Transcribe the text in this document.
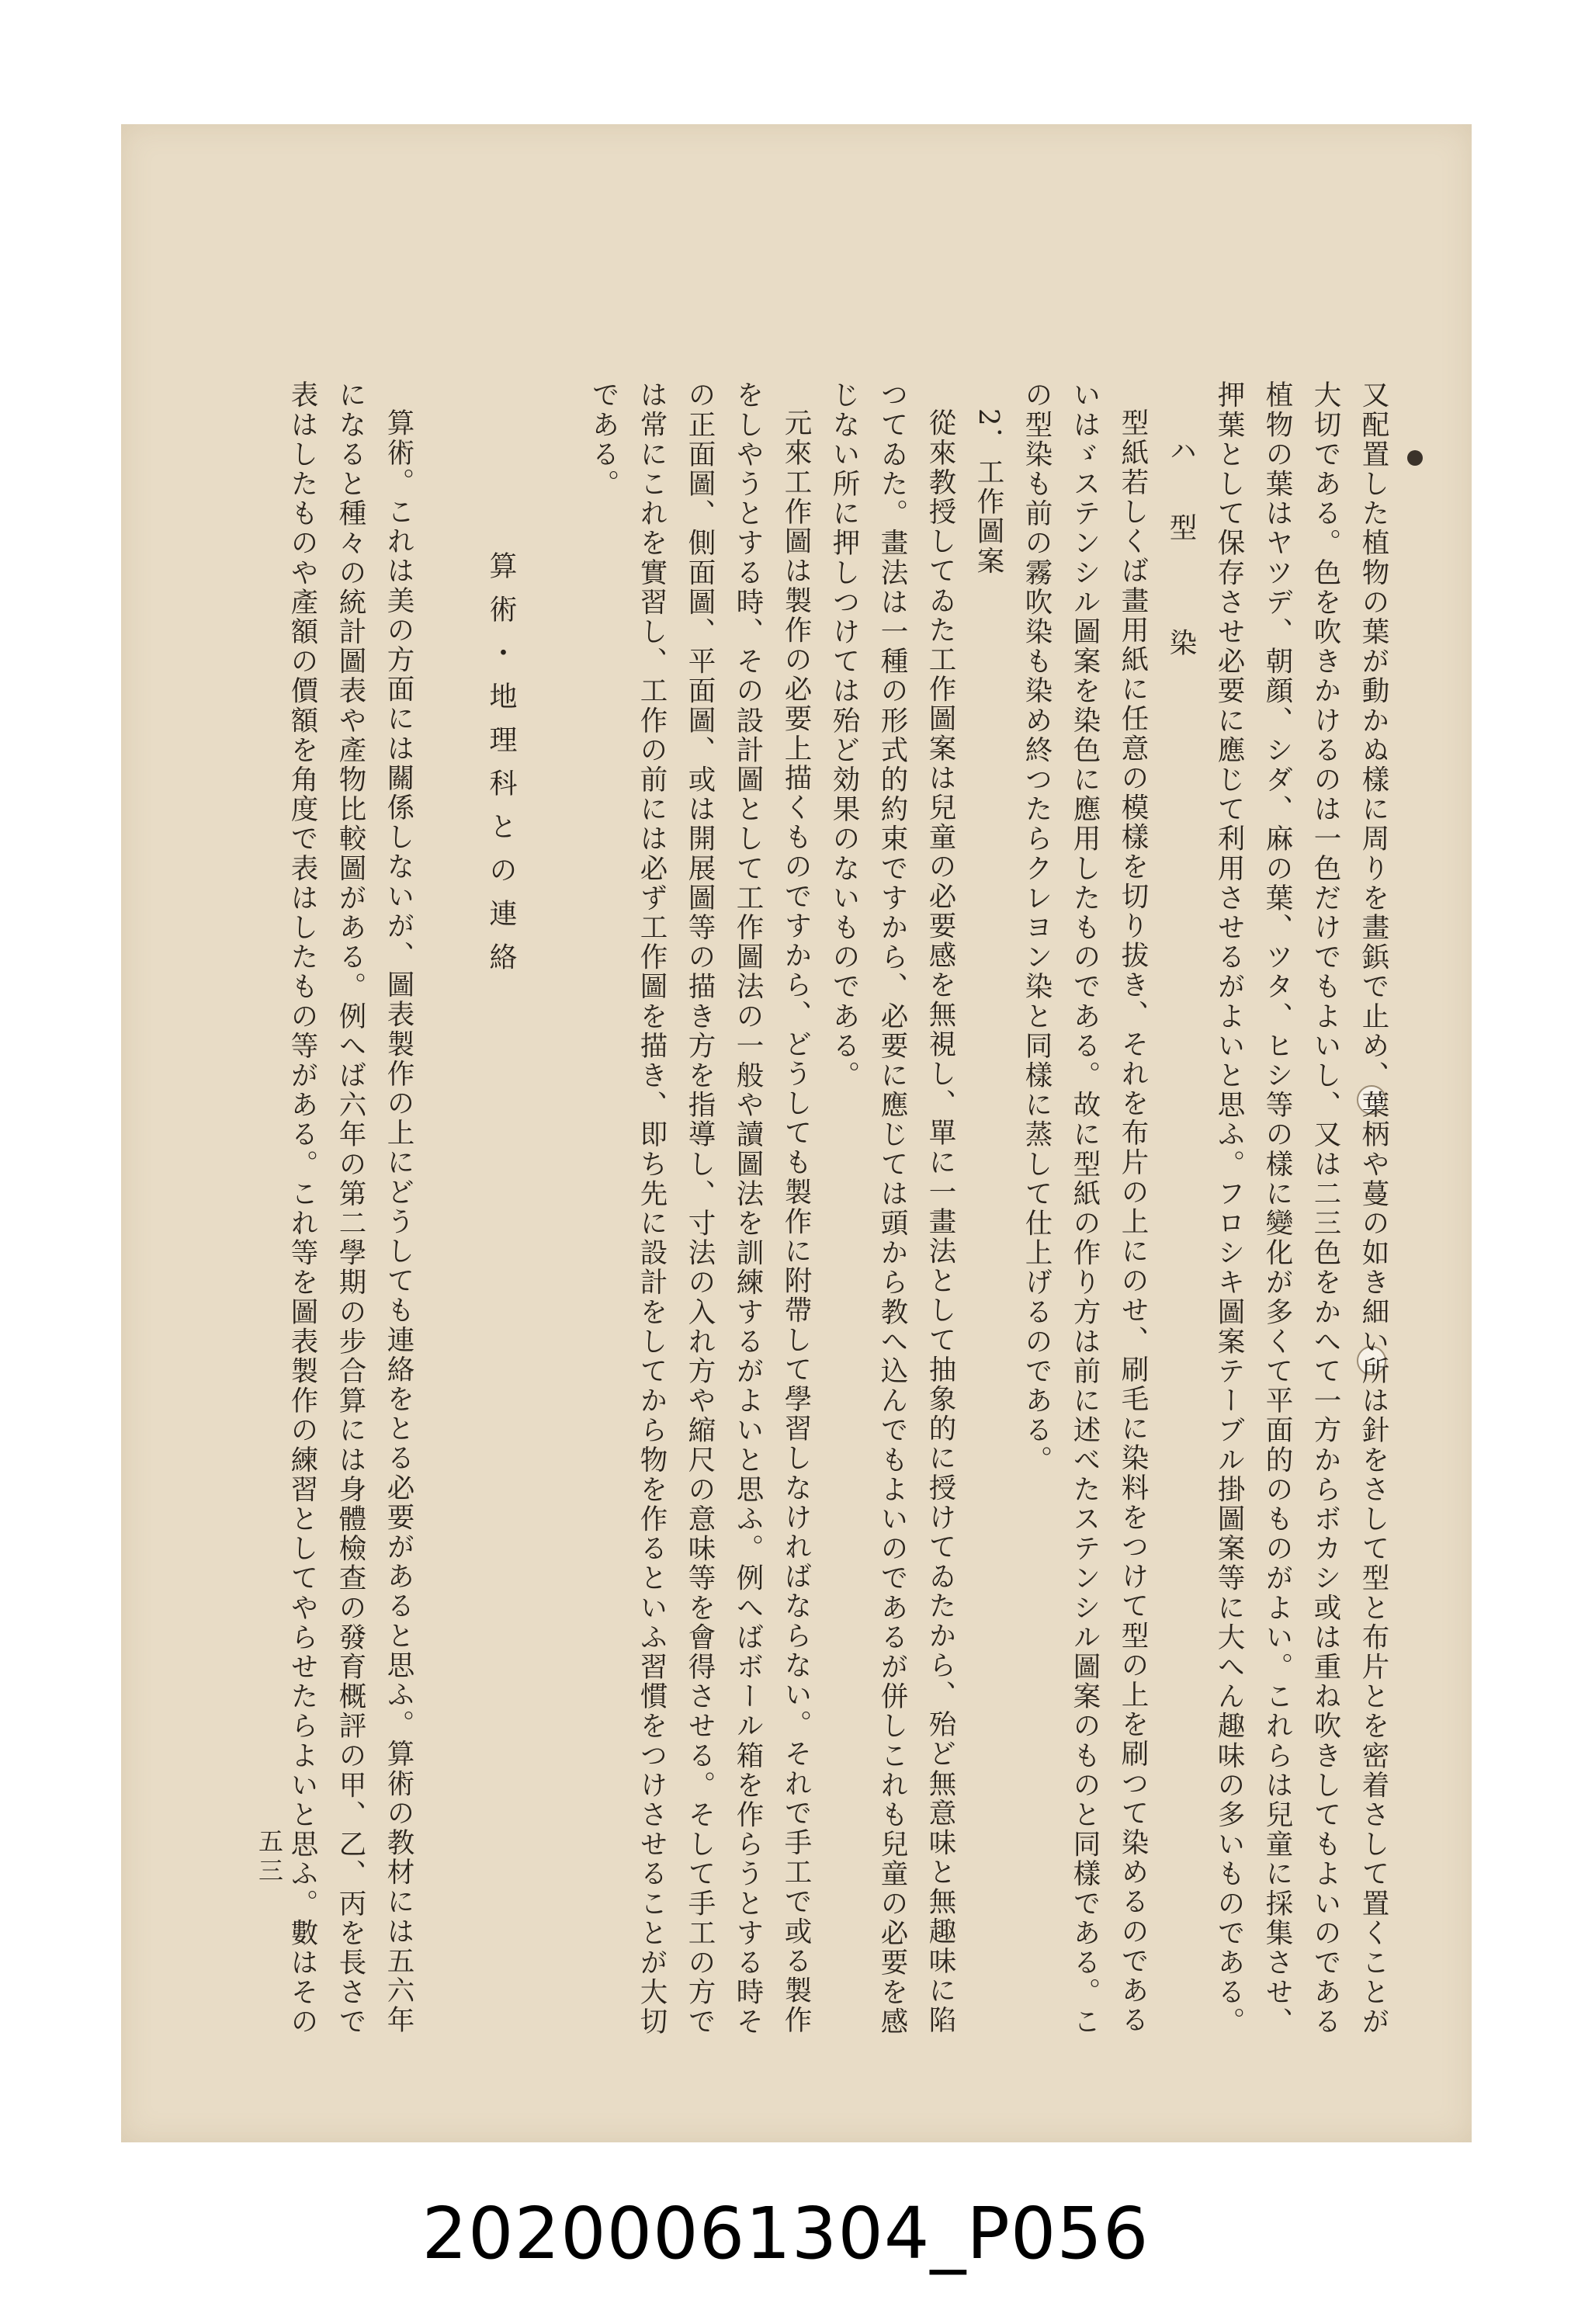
又配置した植物の葉が動かぬ樣に周りを畫鋲で止め、葉柄や蔓の如き細い所は針をさして型と布片とを密着さして置くことが
大切である。色を吹きかけるのは一色だけでもよいし、又は二三色をかへて一方からボカシ或は重ね吹きしてもよいのである
植物の葉はヤツデ、朝顔、シダ、麻の葉、ツタ、ヒシ等の樣に變化が多くて平面的のものがよい。これらは兒童に採集させ、
押葉として保存させ必要に應じて利用させるがよいと思ふ。フロシキ圖案テーブル掛圖案等に大へん趣味の多いものである。
ハ　型　　染
型紙若しくば畫用紙に任意の模樣を切り拔き、それを布片の上にのせ、刷毛に染料をつけて型の上を刷つて染めるのである
いはゞステンシル圖案を染色に應用したものである。故に型紙の作り方は前に述べたステンシル圖案のものと同樣である。こ
の型染も前の霧吹染も染め終つたらクレヨン染と同樣に蒸して仕上げるのである。
2．工作圖案
從來教授してゐた工作圖案は兒童の必要感を無視し、單に一畫法として抽象的に授けてゐたから、殆ど無意味と無趣味に陷
つてゐた。畫法は一種の形式的約束ですから、必要に應じては頭から教へ込んでもよいのであるが併しこれも兒童の必要を感
じない所に押しつけては殆ど効果のないものである。
元來工作圖は製作の必要上描くものですから、どうしても製作に附帶して學習しなければならない。それで手工で或る製作
をしやうとする時、その設計圖として工作圖法の一般や讀圖法を訓練するがよいと思ふ。例へばボール箱を作らうとする時そ
の正面圖、側面圖、平面圖、或は開展圖等の描き方を指導し、寸法の入れ方や縮尺の意味等を會得させる。そして手工の方で
は常にこれを實習し、工作の前には必ず工作圖を描き、即ち先に設計をしてから物を作るといふ習慣をつけさせることが大切
である。
算術・地理科との連絡
算術。これは美の方面には關係しないが、圖表製作の上にどうしても連絡をとる必要があると思ふ。算術の教材には五六年
になると種々の統計圖表や產物比較圖がある。例へば六年の第二學期の步合算には身體檢查の發育概評の甲、乙、丙を長さで
表はしたものや產額の價額を角度で表はしたもの等がある。これ等を圖表製作の練習としてやらせたらよいと思ふ。數はその
五三
20200061304_P056
